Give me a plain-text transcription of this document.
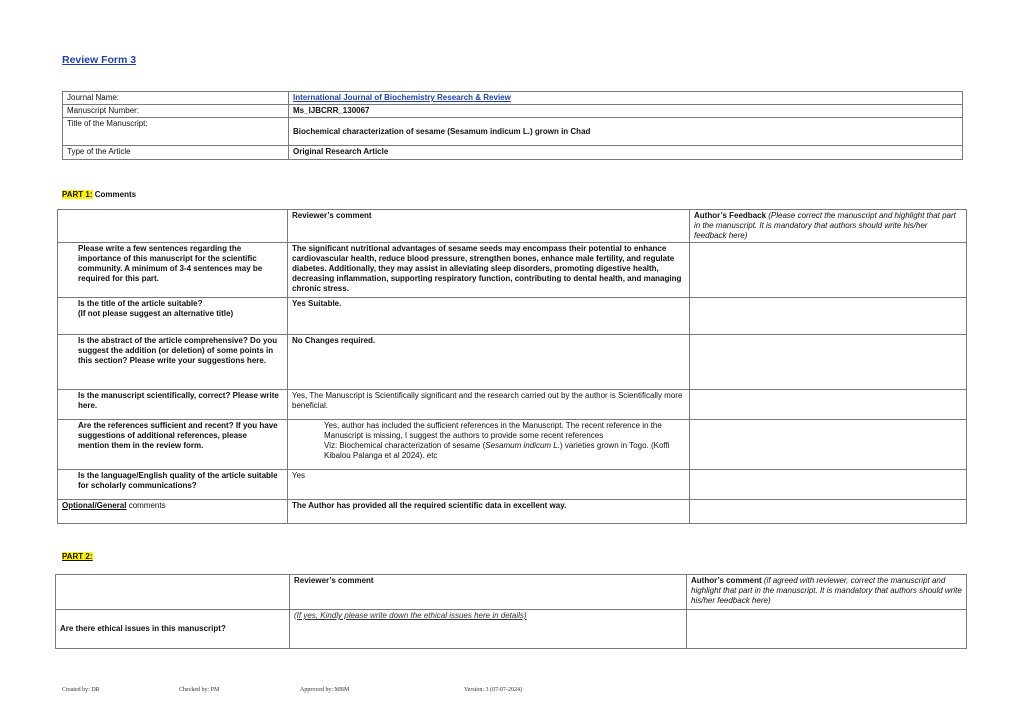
Review Form 3
Journal Name:	International Journal of Biochemistry Research & Review
Manuscript Number:	Ms_IJBCRR_130067
Title of the Manuscript:	Biochemical characterization of sesame (Sesamum indicum L.) grown in Chad
Type of the Article	Original Research Article
PART 1: Comments
	Reviewer’s comment	Author’s Feedback (Please correct the manuscript and highlight that part in the manuscript. It is mandatory that authors should write his/her feedback here)
Please write a few sentences regarding the importance of this manuscript for the scientific community. A minimum of 3-4 sentences may be required for this part.	The significant nutritional advantages of sesame seeds may encompass their potential to enhance cardiovascular health, reduce blood pressure, strengthen bones, enhance male fertility, and regulate diabetes. Additionally, they may assist in alleviating sleep disorders, promoting digestive health, decreasing inflammation, supporting respiratory function, contributing to dental health, and managing chronic stress.	

Is the title of the article suitable?
(If not please suggest an alternative title)	Yes Suitable.	
Is the abstract of the article comprehensive? Do you suggest the addition (or deletion) of some points in this section? Please write your suggestions here.	No Changes required.	
Is the manuscript scientifically, correct? Please write here.	Yes, The Manuscript is Scientifically significant and the research carried out by the author is Scientifically more beneficial.	
Are the references sufficient and recent? If you have suggestions of additional references, please mention them in the review form.	Yes, author has included the sufficient references in the Manuscript. The recent reference in the Manuscript is missing, I suggest the authors to provide some recent references
Viz: Biochemical characterization of sesame (Sesamum indicum L.) varieties grown in Togo. (Koffi Kibalou Palanga et al 2024). etc	
Is the language/English quality of the article suitable for scholarly communications?	Yes	
Optional/General comments	The Author has provided all the required scientific data in excellent way.	
PART 2:
	Reviewer’s comment	Author’s comment (if agreed with reviewer, correct the manuscript and highlight that part in the manuscript. It is mandatory that authors should write his/her feedback here)
Are there ethical issues in this manuscript?	(If yes, Kindly please write down the ethical issues here in details)	
Created by: DR	Checked by: PM	Approved by: MBM	Version: 3 (07-07-2024)
